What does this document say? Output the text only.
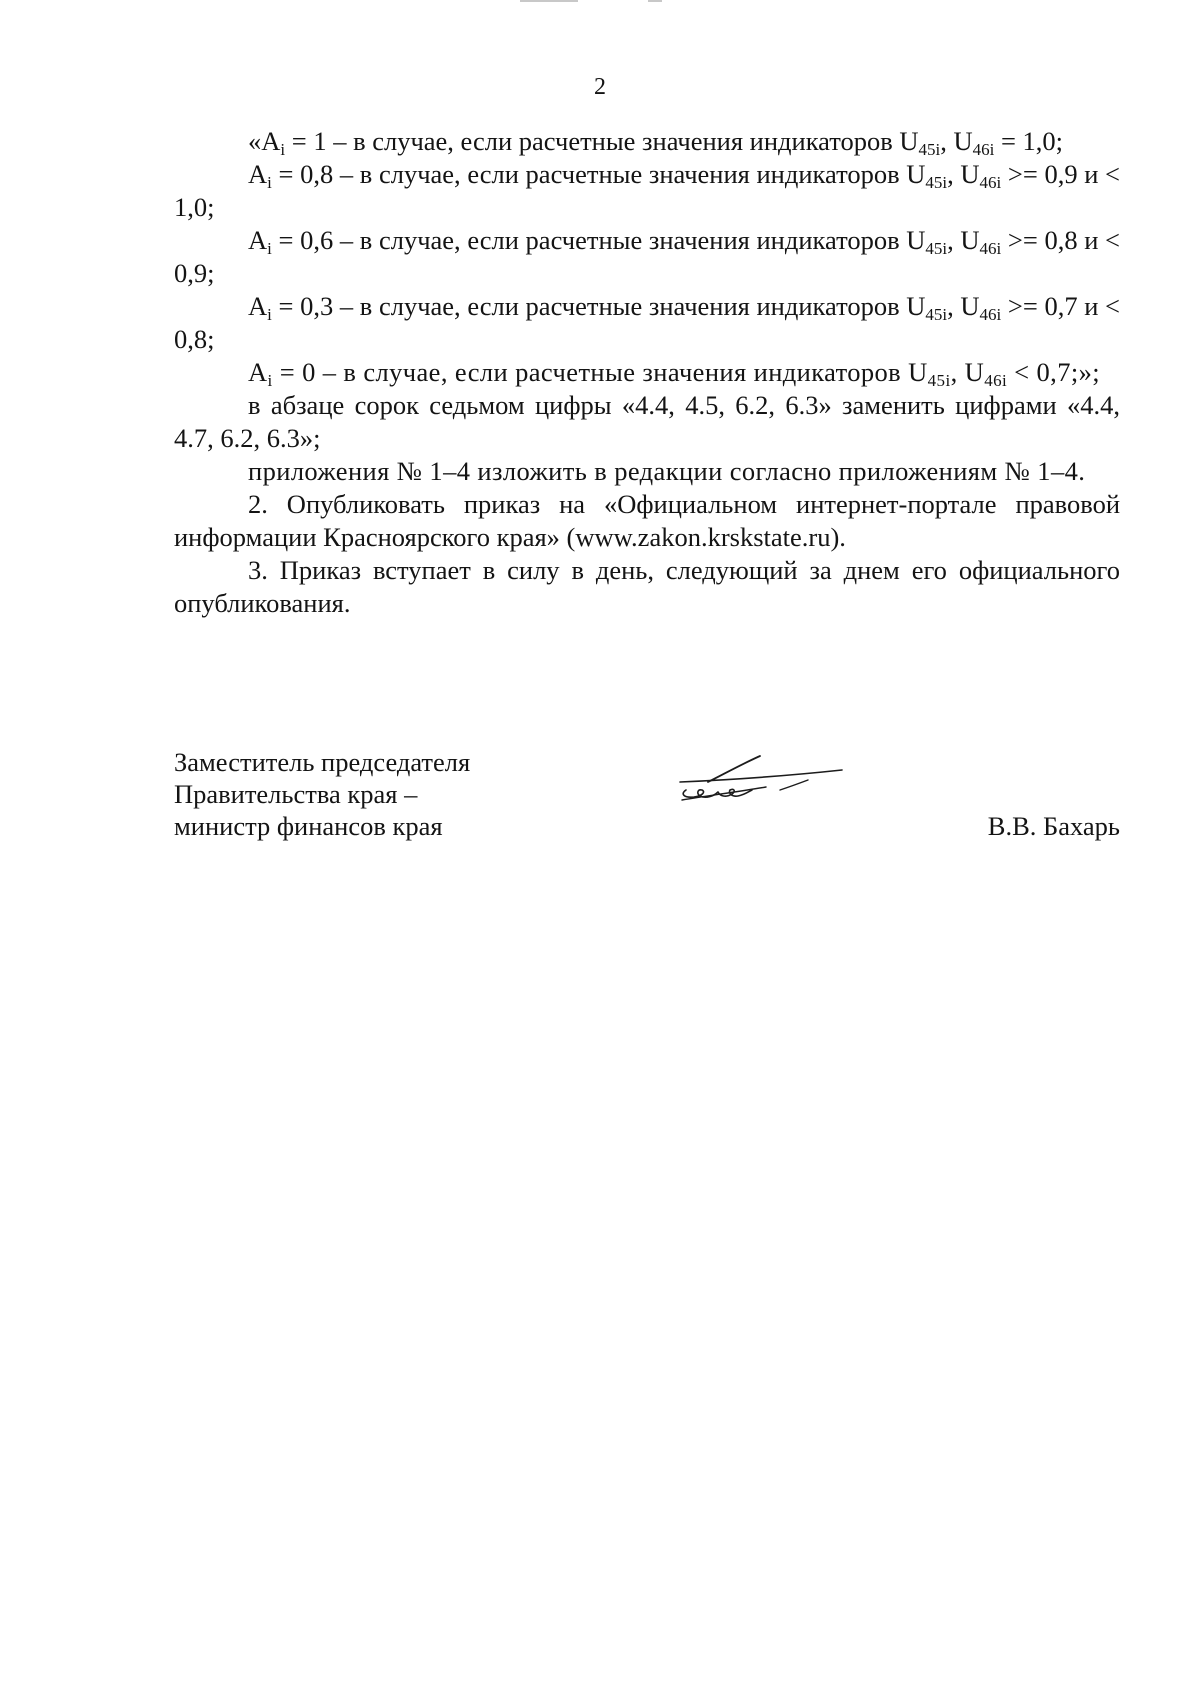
2

«$A_i = 1 - в$ случае, если расчетные значения индикаторов $U_{45i}$, $U_{46i} = 1,0$;

$A_i = 0,8 - в$ случае, если расчетные значения индикаторов $U_{45i}$, $U_{46i} >= 0,9$ и < 1,0;

$A_i = 0,6 - в$ случае, если расчетные значения индикаторов $U_{45i}$, $U_{46i} >= 0,8$ и < 0,9;

$A_i = 0,3 - в$ случае, если расчетные значения индикаторов $U_{45i}$, $U_{46i} >= 0,7$ и < 0,8;

$A_i = 0 - в$ случае, если расчетные значения индикаторов $U_{45i}$, $U_{46i} < 0,7$;»;

в абзаце сорок седьмом цифры «4.4, 4.5, 6.2, 6.3» заменить цифрами «4.4, 4.7, 6.2, 6.3»;

приложения № 1–4 изложить в редакции согласно приложениям № 1–4.

2. Опубликовать приказ на «Официальном интернет-портале правовой информации Красноярского края» (www.zakon.krskstate.ru).

3. Приказ вступает в силу в день, следующий за днем его официального опубликования.

Заместитель председателя
Правительства края –
министр финансов края	В.В. Бахарь
